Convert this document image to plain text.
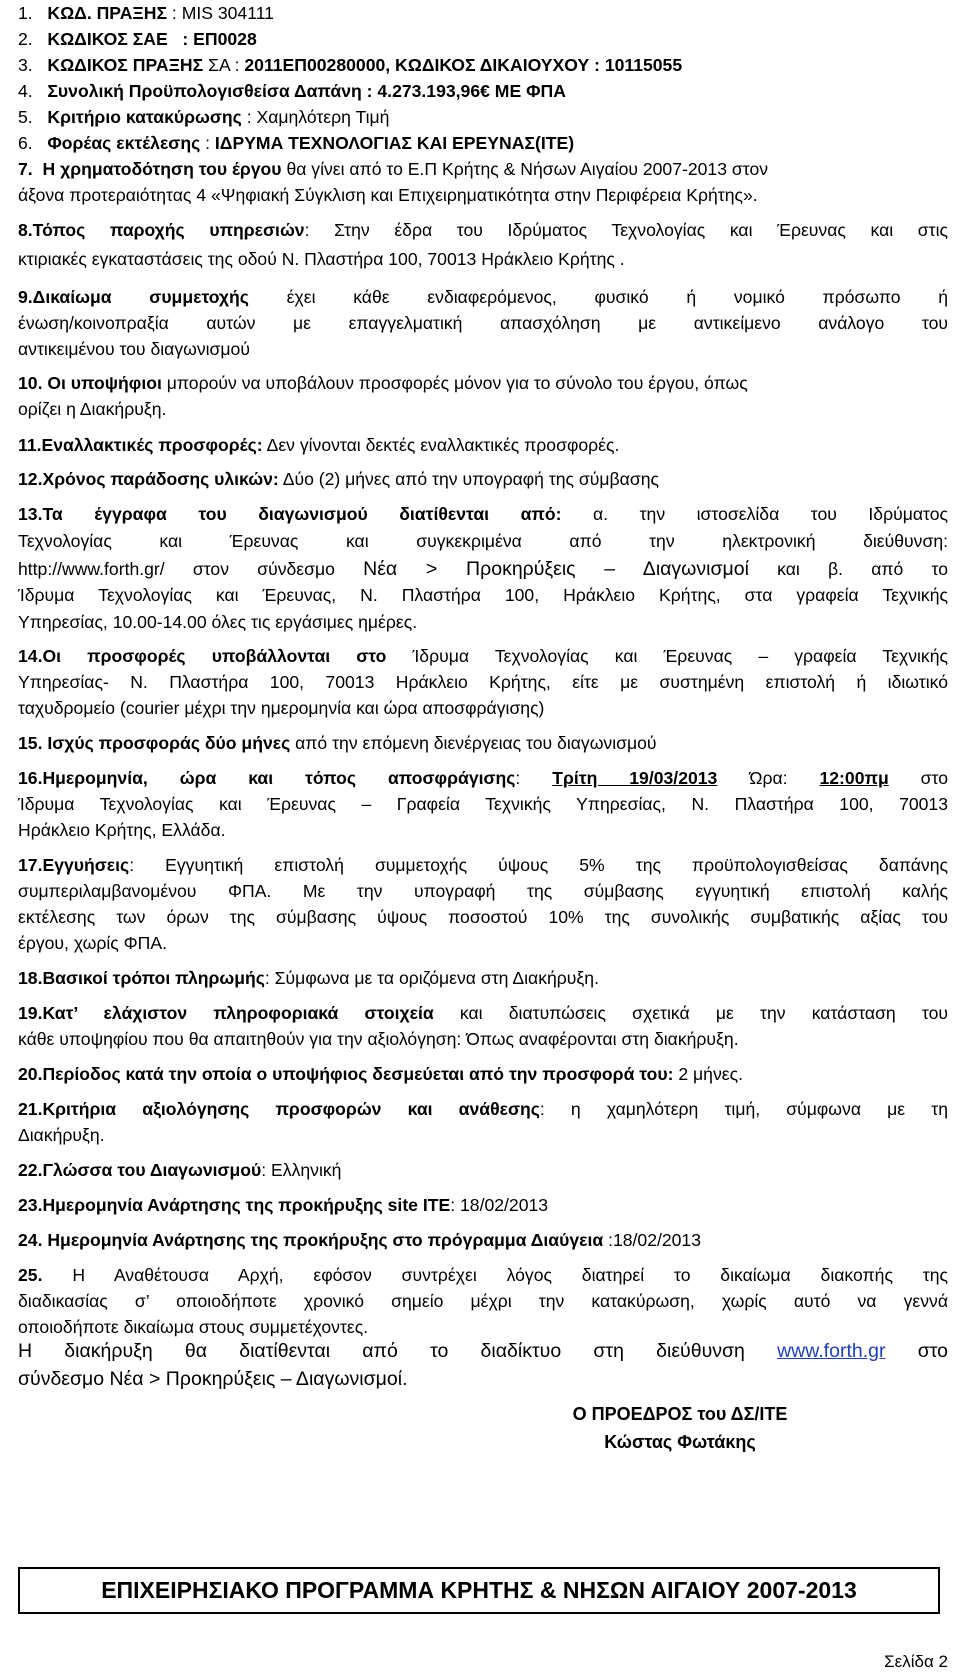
1. ΚΩΔ. ΠΡΑΞΗΣ : MIS 304111
2. ΚΩΔΙΚΟΣ ΣΑΕ : ΕΠ0028
3. ΚΩΔΙΚΟΣ ΠΡΑΞΗΣ ΣΑ : 2011ΕΠ00280000, ΚΩΔΙΚΟΣ ΔΙΚΑΙΟΥΧΟΥ : 10115055
4. Συνολική Προϋπολογισθείσα Δαπάνη : 4.273.193,96€ ΜΕ ΦΠΑ
5. Κριτήριο κατακύρωσης : Χαμηλότερη Τιμή
6. Φορέας εκτέλεσης : ΙΔΡΥΜΑ ΤΕΧΝΟΛΟΓΙΑΣ ΚΑΙ ΕΡΕΥΝΑΣ(ΙΤΕ)
7. Η χρηματοδότηση του έργου θα γίνει από το Ε.Π Κρήτης & Νήσων Αιγαίου 2007-2013 στον
άξονα προτεραιότητας 4 «Ψηφιακή Σύγκλιση και Επιχειρηματικότητα στην Περιφέρεια Κρήτης».
8.Τόπος παροχής υπηρεσιών: Στην έδρα του Ιδρύματος Τεχνολογίας και Έρευνας και στις
κτιριακές εγκαταστάσεις της οδού Ν. Πλαστήρα 100, 70013 Ηράκλειο Κρήτης .
9.Δικαίωμα συμμετοχής έχει κάθε ενδιαφερόμενος, φυσικό ή νομικό πρόσωπο ή
ένωση/κοινοπραξία αυτών με επαγγελματική απασχόληση με αντικείμενο ανάλογο του
αντικειμένου του διαγωνισμού
10. Οι υποψήφιοι μπορούν να υποβάλουν προσφορές μόνον για το σύνολο του έργου, όπως
ορίζει η Διακήρυξη.
11.Εναλλακτικές προσφορές: Δεν γίνονται δεκτές εναλλακτικές προσφορές.
12.Χρόνος παράδοσης υλικών: Δύο (2) μήνες από την υπογραφή της σύμβασης
13.Τα έγγραφα του διαγωνισμού διατίθενται από: α. την ιστοσελίδα του Ιδρύματος
Τεχνολογίας και Έρευνας και συγκεκριμένα από την ηλεκτρονική διεύθυνση:
http://www.forth.gr/ στον σύνδεσμο Νέα > Προκηρύξεις – Διαγωνισμοί και β. από το
Ίδρυμα Τεχνολογίας και Έρευνας, Ν. Πλαστήρα 100, Ηράκλειο Κρήτης, στα γραφεία Τεχνικής
Υπηρεσίας, 10.00-14.00 όλες τις εργάσιμες ημέρες.
14.Οι προσφορές υποβάλλονται στο Ίδρυμα Τεχνολογίας και Έρευνας – γραφεία Τεχνικής
Υπηρεσίας- Ν. Πλαστήρα 100, 70013 Ηράκλειο Κρήτης, είτε με συστημένη επιστολή ή ιδιωτικό
ταχυδρομείο (courier μέχρι την ημερομηνία και ώρα αποσφράγισης)
15. Ισχύς προσφοράς δύο μήνες από την επόμενη διενέργειας του διαγωνισμού
16.Ημερομηνία, ώρα και τόπος αποσφράγισης: Τρίτη 19/03/2013 Ώρα: 12:00πμ στο
Ίδρυμα Τεχνολογίας και Έρευνας – Γραφεία Τεχνικής Υπηρεσίας, Ν. Πλαστήρα 100, 70013
Ηράκλειο Κρήτης, Ελλάδα.
17.Εγγυήσεις: Εγγυητική επιστολή συμμετοχής ύψους 5% της προϋπολογισθείσας δαπάνης
συμπεριλαμβανομένου ΦΠΑ. Με την υπογραφή της σύμβασης εγγυητική επιστολή καλής
εκτέλεσης των όρων της σύμβασης ύψους ποσοστού 10% της συνολικής συμβατικής αξίας του
έργου, χωρίς ΦΠΑ.
18.Βασικοί τρόποι πληρωμής: Σύμφωνα με τα οριζόμενα στη Διακήρυξη.
19.Κατ’ ελάχιστον πληροφοριακά στοιχεία και διατυπώσεις σχετικά με την κατάσταση του
κάθε υποψηφίου που θα απαιτηθούν για την αξιολόγηση: Όπως αναφέρονται στη διακήρυξη.
20.Περίοδος κατά την οποία ο υποψήφιος δεσμεύεται από την προσφορά του: 2 μήνες.
21.Κριτήρια αξιολόγησης προσφορών και ανάθεσης: η χαμηλότερη τιμή, σύμφωνα με τη
Διακήρυξη.
22.Γλώσσα του Διαγωνισμού: Ελληνική
23.Ημερομηνία Ανάρτησης της προκήρυξης site ITE: 18/02/2013
24. Ημερομηνία Ανάρτησης της προκήρυξης στο πρόγραμμα Διαύγεια :18/02/2013
25. Η Αναθέτουσα Αρχή, εφόσον συντρέχει λόγος διατηρεί το δικαίωμα διακοπής της
διαδικασίας σ’ οποιοδήποτε χρονικό σημείο μέχρι την κατακύρωση, χωρίς αυτό να γεννά
οποιοδήποτε δικαίωμα στους συμμετέχοντες.
Η διακήρυξη θα διατίθενται από το διαδίκτυο στη διεύθυνση www.forth.gr στο
σύνδεσμο Νέα > Προκηρύξεις – Διαγωνισμοί.
Ο ΠΡΟΕΔΡΟΣ του ΔΣ/ΙΤΕ
Κώστας Φωτάκης
ΕΠΙΧΕΙΡΗΣΙΑΚΟ ΠΡΟΓΡΑΜΜΑ ΚΡΗΤΗΣ & ΝΗΣΩΝ ΑΙΓΑΙΟΥ 2007-2013
Σελίδα 2
